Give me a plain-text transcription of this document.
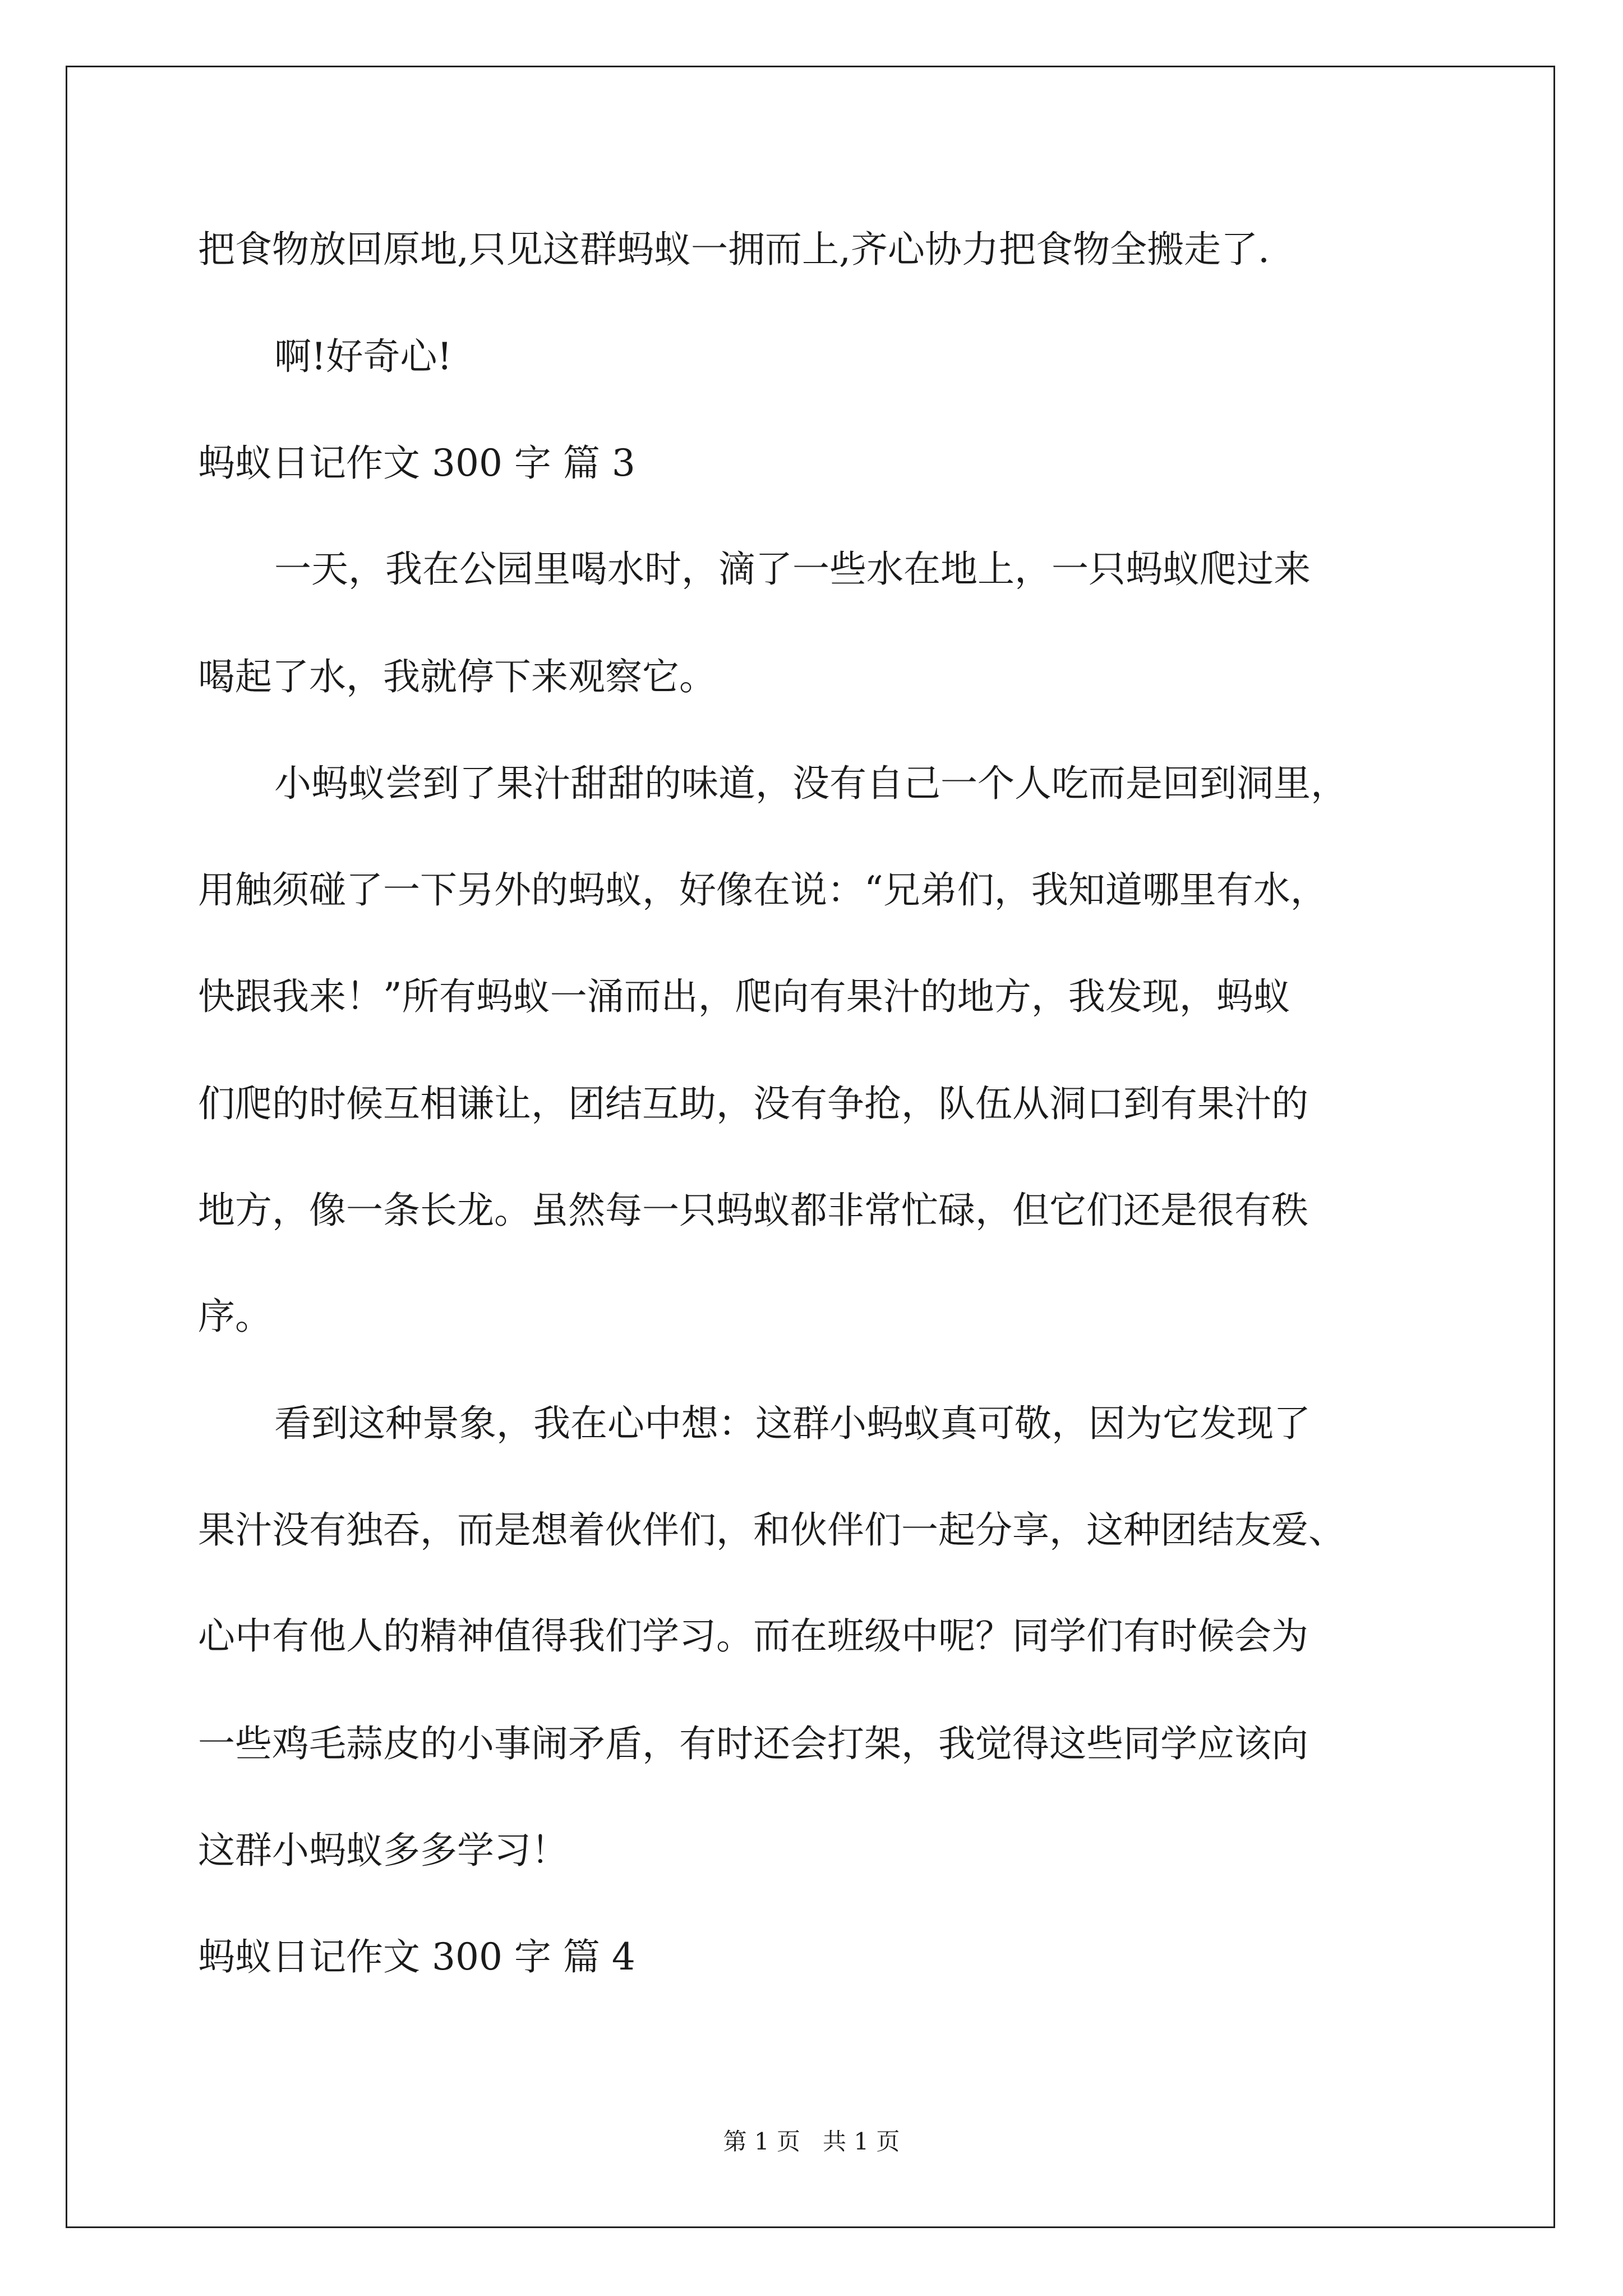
把食物放回原地,只见这群蚂蚁一拥而上,齐心协力把食物全搬走了.
啊!好奇心!
蚂蚁日记作文 300 字 篇 3
一天，我在公园里喝水时，滴了一些水在地上，一只蚂蚁爬过来
喝起了水，我就停下来观察它。
小蚂蚁尝到了果汁甜甜的味道，没有自己一个人吃而是回到洞里，
用触须碰了一下另外的蚂蚁，好像在说：“兄弟们，我知道哪里有水，
快跟我来！”所有蚂蚁一涌而出，爬向有果汁的地方，我发现，蚂蚁
们爬的时候互相谦让，团结互助，没有争抢，队伍从洞口到有果汁的
地方，像一条长龙。虽然每一只蚂蚁都非常忙碌，但它们还是很有秩
序。
看到这种景象，我在心中想：这群小蚂蚁真可敬，因为它发现了
果汁没有独吞，而是想着伙伴们，和伙伴们一起分享，这种团结友爱、
心中有他人的精神值得我们学习。而在班级中呢？同学们有时候会为
一些鸡毛蒜皮的小事闹矛盾，有时还会打架，我觉得这些同学应该向
这群小蚂蚁多多学习！
蚂蚁日记作文 300 字 篇 4
第 1 页 共 1 页
